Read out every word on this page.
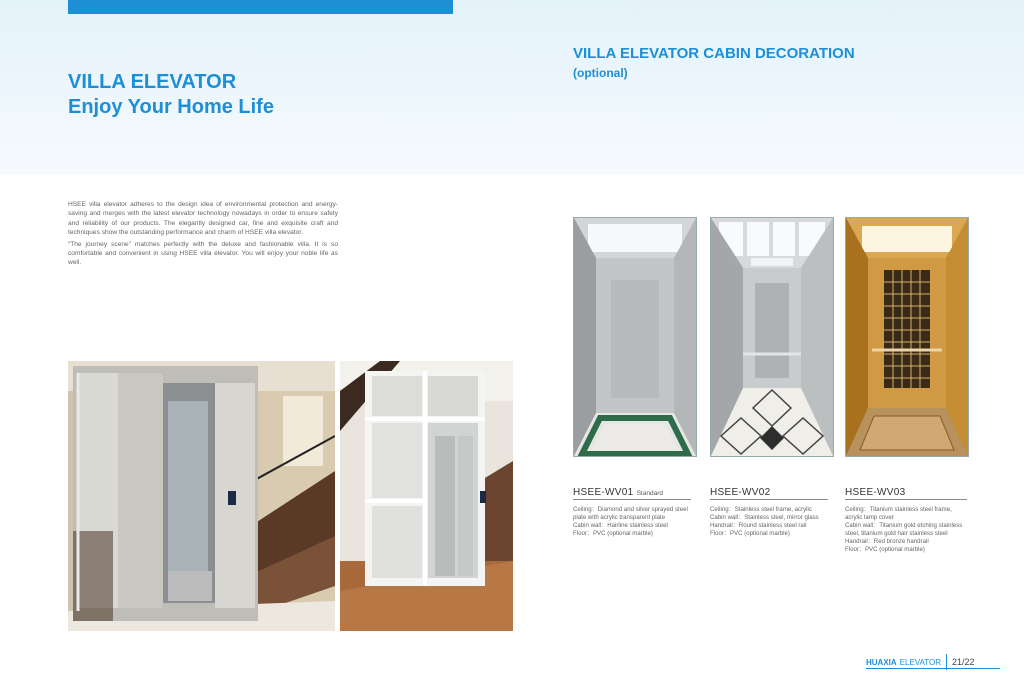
VILLA ELEVATOR
Enjoy Your Home Life
VILLA ELEVATOR CABIN DECORATION
(optional)

HSEE villa elevator adheres to the design idea of environmental protection and energy-saving and merges with the latest elevator technology nowadays in order to ensure safety and reliability of our products. The elegantly designed car, fine and exquisite craft and techniques show the outstanding performance and charm of HSEE villa elevator.

“The journey scene” matches perfectly with the deluxe and fashionable villa. It is so comfortable and convenient in using HSEE villa elevator. You will enjoy your noble life as well.

HSEE-WV01 Standard	HSEE-WV02	HSEE-WV03
Ceiling：Diamond and silver sprayed steel
plate with acrylic transparent plate
Cabin wall：Hairline stainless steel
Floor：PVC (optional marble)
Ceiling：Stainless steel frame, acrylic
Cabin wall：Stainless steel, mirror glass
Handrail：Round stainless steel rail
Floor：PVC (optional marble)
Ceiling：Titanium stainless steel frame,
acrylic lamp cover
Cabin wall：Titanium gold etching stainless
steel, titanium gold hair stainless steel
Handrail：Red bronze handrail
Floor：PVC (optional marble)
HUAXIA ELEVATOR 21/22
